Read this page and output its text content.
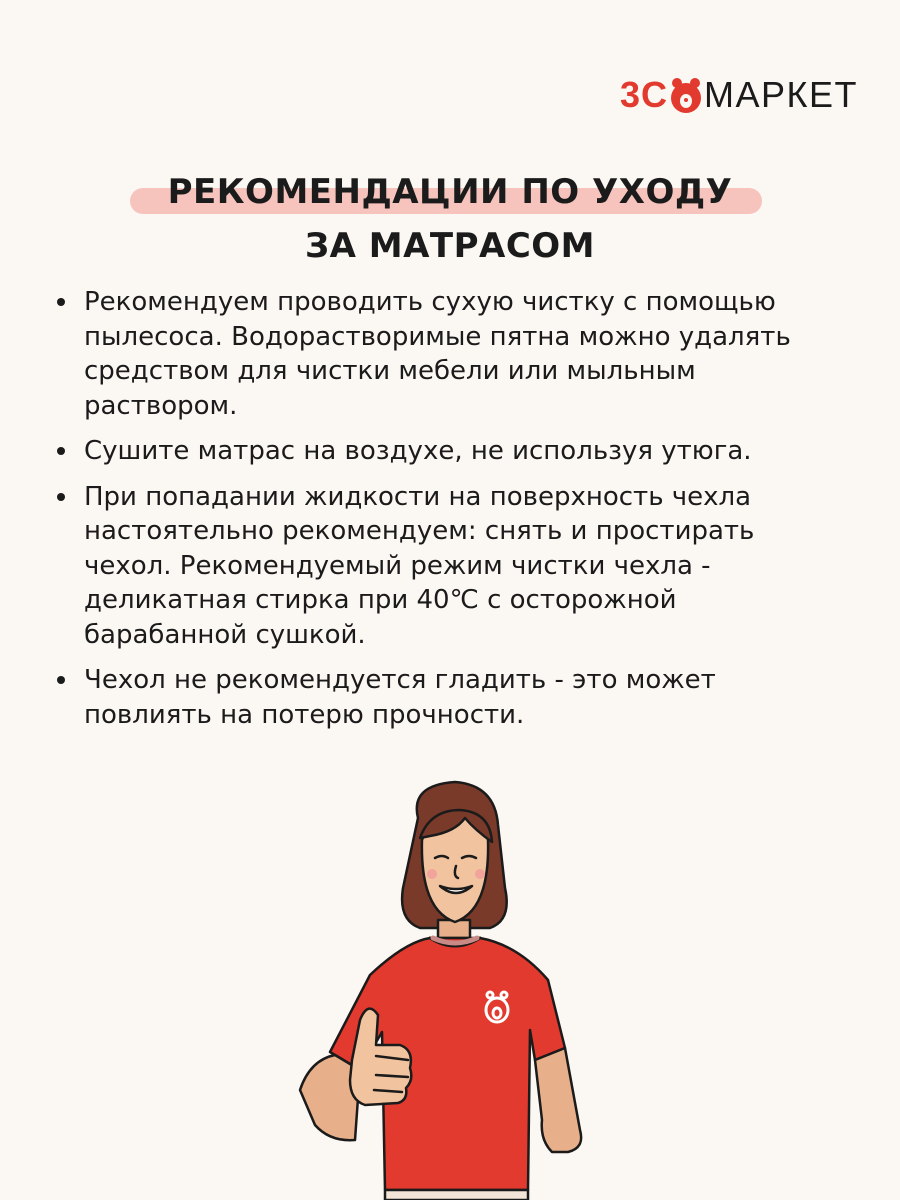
3С МАРКЕТ
РЕКОМЕНДАЦИИ ПО УХОДУ
ЗА МАТРАСОМ
Рекомендуем проводить сухую чистку с помощью
пылесоса. Водорастворимые пятна можно удалять
средством для чистки мебели или мыльным
раствором.
Сушите матрас на воздухе, не используя утюга.
При попадании жидкости на поверхность чехла
настоятельно рекомендуем: снять и простирать
чехол. Рекомендуемый режим чистки чехла -
деликатная стирка при 40℃ с осторожной
барабанной сушкой.
Чехол не рекомендуется гладить - это может
повлиять на потерю прочности.
